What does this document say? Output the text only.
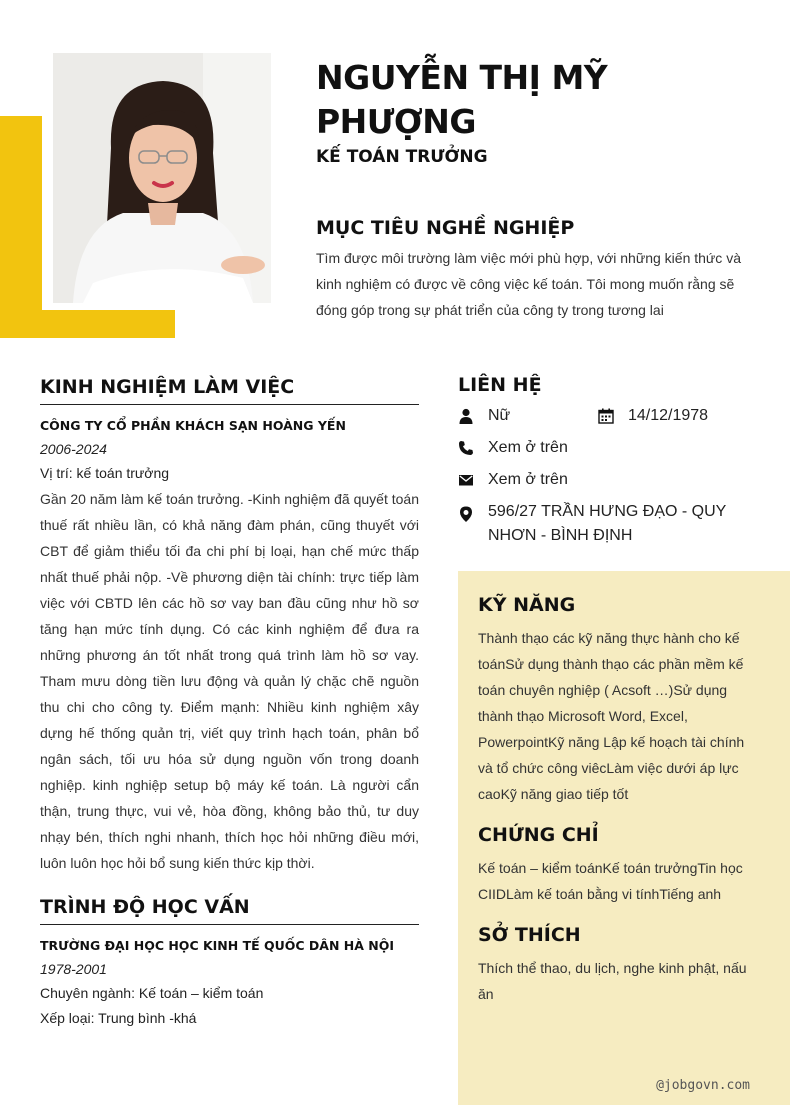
NGUYỄN THỊ MỸ PHƯỢNG
KẾ TOÁN TRƯỞNG
MỤC TIÊU NGHỀ NGHIỆP

Tìm được môi trường làm việc mới phù hợp, với những kiến thức và kinh nghiệm có được về công việc kế toán. Tôi mong muốn rằng sẽ đóng góp trong sự phát triển của công ty trong tương lai

KINH NGHIỆM LÀM VIỆC
CÔNG TY CỔ PHẦN KHÁCH SẠN HOÀNG YẾN
2006-2024
Vị trí: kế toán trưởng

Gần 20 năm làm kế toán trưởng. -Kinh nghiệm đã quyết toán thuế rất nhiều lần, có khả năng đàm phán, cũng thuyết với CBT để giảm thiểu tối đa chi phí bị loại, hạn chế mức thấp nhất thuế phải nộp. -Về phương diện tài chính: trực tiếp làm việc với CBTD lên các hồ sơ vay ban đầu cũng như hồ sơ tăng hạn mức tính dụng. Có các kinh nghiệm để đưa ra những phương án tốt nhất trong quá trình làm hồ sơ vay. Tham mưu dòng tiền lưu động và quản lý chặc chẽ nguồn thu chi cho công ty. Điểm mạnh: Nhiều kinh nghiệm xây dựng hế thống quản trị, viết quy trình hạch toán, phân bổ ngân sách, tối ưu hóa sử dụng nguồn vốn trong doanh nghiệp. kinh nghiệp setup bộ máy kế toán. Là người cẩn thận, trung thực, vui vẻ, hòa đồng, không bảo thủ, tư duy nhạy bén, thích nghi nhanh, thích học hỏi những điều mới, luôn luôn học hỏi bổ sung kiến thức kịp thời.

TRÌNH ĐỘ HỌC VẤN
TRƯỜNG ĐẠI HỌC HỌC KINH TẾ QUỐC DÂN HÀ NỘI
1978-2001
Chuyên ngành: Kế toán – kiểm toán
Xếp loại: Trung bình -khá
LIÊN HỆ
Nữ	14/12/1978
Xem ở trên
Xem ở trên
596/27 TRẦN HƯNG ĐẠO - QUY NHƠN - BÌNH ĐỊNH
KỸ NĂNG

Thành thạo các kỹ năng thực hành cho kế toánSử dụng thành thạo các phần mềm kế toán chuyên nghiệp ( Acsoft …)Sử dụng thành thạo Microsoft Word, Excel, PowerpointKỹ năng Lập kế hoạch tài chính và tổ chức công viêcLàm việc dưới áp lực caoKỹ năng giao tiếp tốt

CHỨNG CHỈ

Kế toán – kiểm toánKế toán trưởngTin học CIIDLàm kế toán bằng vi tínhTiếng anh

SỞ THÍCH

Thích thể thao, du lịch, nghe kinh phật, nấu ăn

@jobgovn.com
